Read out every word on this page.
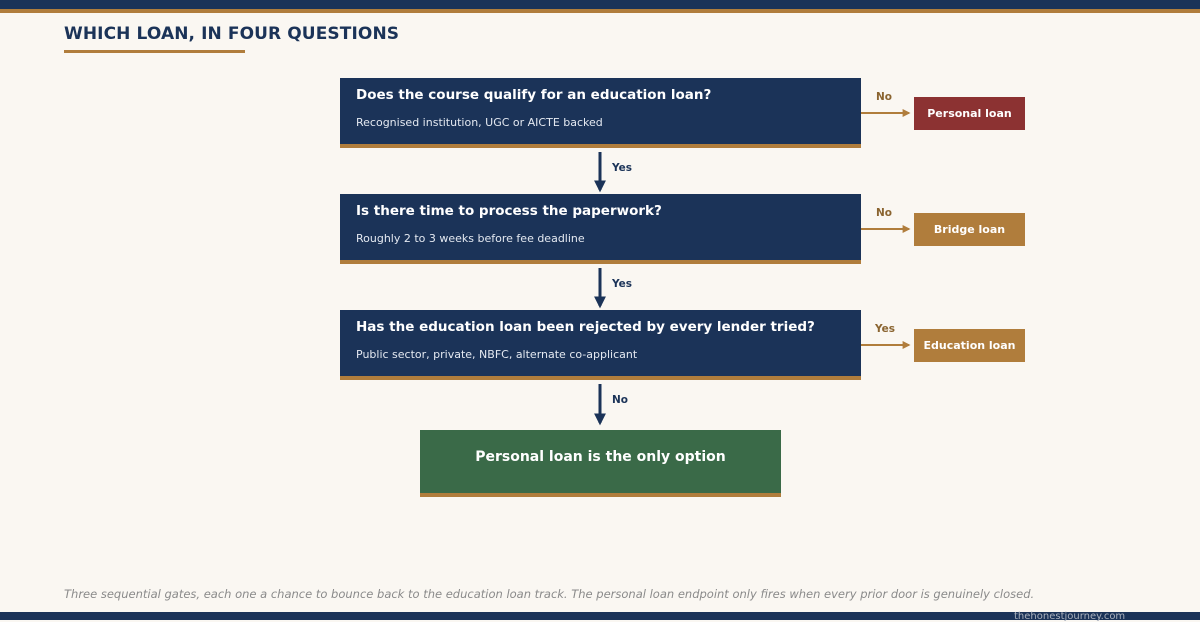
WHICH LOAN, IN FOUR QUESTIONS
Does the course qualify for an education loan?
Recognised institution, UGC or AICTE backed
No
Personal loan
Yes
Is there time to process the paperwork?
Roughly 2 to 3 weeks before fee deadline
No
Bridge loan
Yes
Has the education loan been rejected by every lender tried?
Public sector, private, NBFC, alternate co-applicant
Yes
Education loan
No
Personal loan is the only option
Three sequential gates, each one a chance to bounce back to the education loan track. The personal loan endpoint only fires when every prior door is genuinely closed.
thehonestjourney.com
